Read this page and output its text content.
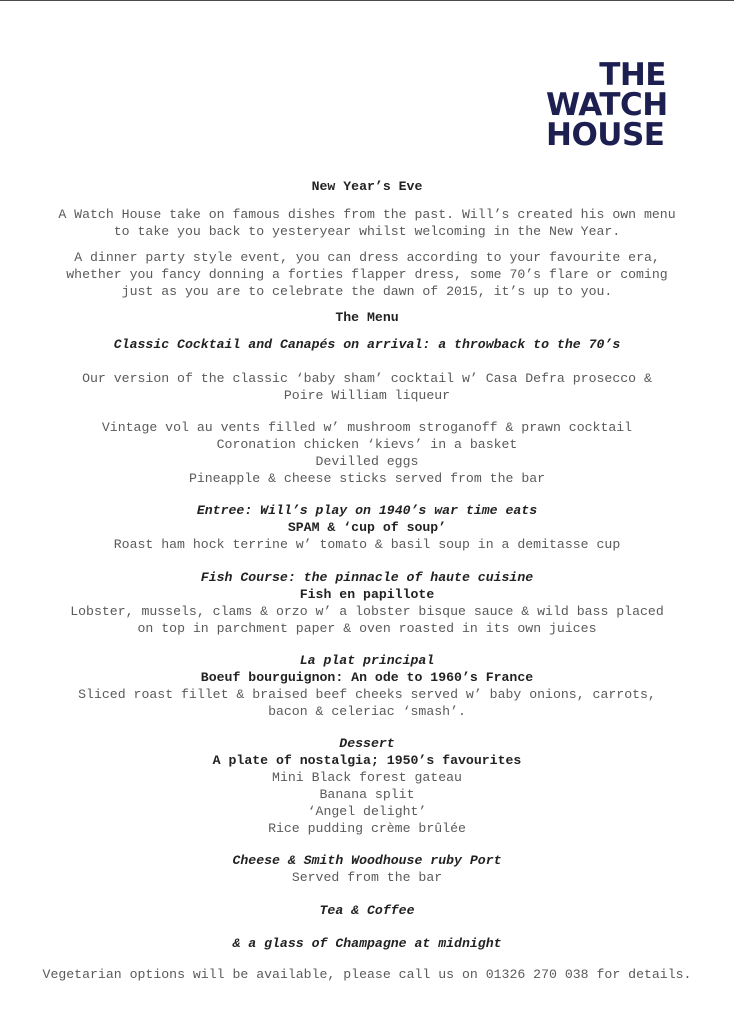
THE
WATCH
HOUSE
New Year’s Eve
A Watch House take on famous dishes from the past. Will’s created his own menu
to take you back to yesteryear whilst welcoming in the New Year.
A dinner party style event, you can dress according to your favourite era,
whether you fancy donning a forties flapper dress, some 70’s flare or coming
just as you are to celebrate the dawn of 2015, it’s up to you.
The Menu
Classic Cocktail and Canapés on arrival: a throwback to the 70’s
Our version of the classic ‘baby sham’ cocktail w’ Casa Defra prosecco &
Poire William liqueur
Vintage vol au vents filled w’ mushroom stroganoff & prawn cocktail
Coronation chicken ‘kievs’ in a basket
Devilled eggs
Pineapple & cheese sticks served from the bar
Entree: Will’s play on 1940’s war time eats
SPAM & ‘cup of soup’
Roast ham hock terrine w’ tomato & basil soup in a demitasse cup
Fish Course: the pinnacle of haute cuisine
Fish en papillote
Lobster, mussels, clams & orzo w’ a lobster bisque sauce & wild bass placed
on top in parchment paper & oven roasted in its own juices
La plat principal
Boeuf bourguignon: An ode to 1960’s France
Sliced roast fillet & braised beef cheeks served w’ baby onions, carrots,
bacon & celeriac ‘smash’.
Dessert
A plate of nostalgia; 1950’s favourites
Mini Black forest gateau
Banana split
‘Angel delight’
Rice pudding crème brûlée
Cheese & Smith Woodhouse ruby Port
Served from the bar
Tea & Coffee
& a glass of Champagne at midnight
Vegetarian options will be available, please call us on 01326 270 038 for details.
